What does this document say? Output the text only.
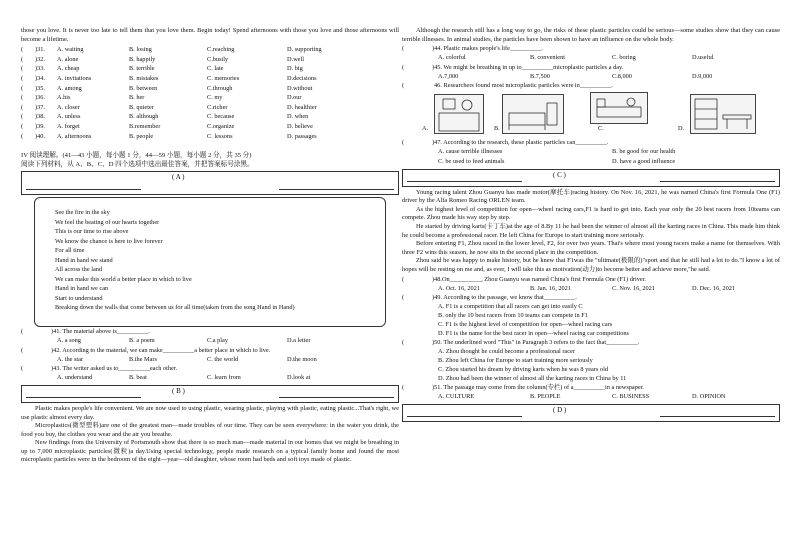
those you love. It is never too late to tell them that you love them. Begin today! Spend afternoons with those you love and those afternoons will become a lifetime.

( )31. A. waiting	B. losing	C.reaching	D. supporting
( )32. A. alone	B. happily	C.busily	D.well
( )33. A. cheap	B. terrible	C. late	D. big
( )34. A. invitations	B. mistakes	C. memories	D.decisions
( )35. A. among	B. between	C.through	D.without
( )36. A.his	B. her	C. my	D.our
( )37. A. closer	B. quieter	C.richer	D. healthier
( )38. A. unless	B. although	C. because	D. when
( )39. A. forget	B.remember	C.organize	D. believe
( )40. A. afternoons	B. people	C. lessons	D. passages
IV 阅读理解。(41—43 小题，每小题 1 分，44—59 小题，每小题 2 分，共 35 分)
阅读下列材料，从 A、B、C、D 四个选项中选出最佳答案，并把答案标号涂黑。
( A )
See the fire in the sky
We feel the beating of our hearts together
This is our time to rise above
We know the chance is here to live forever
For all time
Hand in hand we stand
All across the land
We can make this world a better place in which to live
Hand in hand we can
Start to understand
Breaking down the walls that come between us for all time(taken from the song Hand in Hand)
(	)41. The material above is__________.
A. a song	B. a poem	C.a play	D.a letter
(	)42. According to the material, we can make__________a better place in which to live.
A. the star	B.the Mars	C. the world	D.the moon
(	)43. The writer asked us to__________each other.
A. understand	B. beat	C. learn from	D.look at
( B )

Plastic makes people's life convenient. We are now used to using plastic, wearing plastic, playing with plastic, eating plastic...That's right, we use plastic almost every day.

Microplastics(微型塑料)are one of the greatest man—made troubles of our time. They can be seen everywhere: in the water you drink, the food you buy, the clothes you wear and the air you breathe.

New findings from the University of Portsmouth show that there is so much man—made material in our homes that we might be breathing in up to 7,000 microplastic particles(微粒)a day.Using special technology, people made research on a typical family home and found the most microplastic particles were in the bedroom of the eight—year—old daughter, whose room had beds and soft toys made of plastic.

Although the research still has a long way to go, the risks of these plastic particles could be serious—some studies show that they can cause terrible illnesses. In animal studies, the particles have been shown to have an influence on the whole body.

(	)44. Plastic makes people's life__________.
A. colorful	B. convenient	C. boring	D.useful
(	)45. We might be breathing in up to__________microplastic particles a day.
A.7,000	B.7,500	C.8,000	D.9,000
(	46. Researchers found most microplastic particles were in__________.
A.	B.	C.	D.
(	)47. According to the research, these plastic particles can__________.
A. cause terrible illnesses	B. be good for our health
C. be used to feed animals	D. have a good influence
( C )

Young racing talent Zhou Guanyu has made motor(摩托车)racing history. On Nov. 16, 2021, he was named China's first Formula One (F1) driver by the Alfa Romeo Racing ORLEN team.

As the highest level of competition for open—wheel racing cars,F1 is hard to get into. Each year only the 20 best racers from 10teams can compete. Zhou made his way step by step.

He started by driving karts(卡丁车)at the age of 8.By 11 he had been the winner of almost all the karting races in China. This made him think he could become a professional racer. He left China for Europe to start training more seriously.

Before entering F1, Zhou raced in the lower level, F2, for over two years. That's where most young racers make a name for themselves. With three F2 wins this season, he now sits in the second place in the competition.

Zhou said he was happy to make history, but he knew that F1was the "ultimate(极限的)"sport and that he still had a lot to do."I know a lot of hopes will be resting on me and, as ever, I will take this as motivation(动力)to become better and achieve more,"he said.

(	)48.On__________, Zhou Guanyu was named China's first Formula One (F1) driver.
A. Oct. 16, 2021	B. Jan. 16, 2021	C. Nov. 16, 2021	D. Dec. 16, 2021
(	)49. According to the passage, we know that__________.
A. F1 is a competition that all racers can get into easily C
B. only the 10 best racers from 10 teams can compete in F1
C. F1 is the highest level of competition for open—wheel racing cars
D. F1 is the name for the best racer in open—wheel racing car competitions
(	)50. The underlined word "This" in Paragraph 3 refers to the fact that__________.
A. Zhou thought he could become a professional racer
B. Zhou left China for Europe to start training more seriously
C. Zhou started his dream by driving karts when he was 8 years old
D. Zhou had been the winner of almost all the karting races in China by 11
(	)51. The passage may come from the column(专栏) of a__________in a newspaper.
A. CULTURE	B. PEOPLE	C. BUSINESS	D. OPINION
( D )
